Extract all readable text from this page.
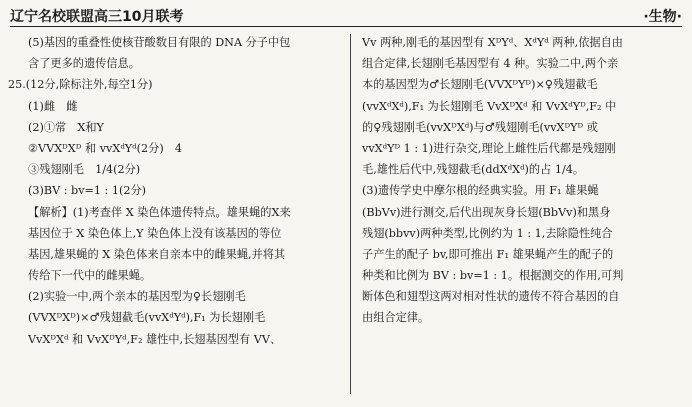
辽宁名校联盟高三10月联考	·生物·
(5)基因的重叠性使核苷酸数目有限的 DNA 分子中包
含了更多的遗传信息。
25.(12分,除标注外,每空1分)
(1)雌　雌
(2)①常　X和Y
②VVXᴰXᴰ 和 vvXᵈYᵈ(2分)　4
③残翅刚毛　1/4(2分)
(3)BV : bv=1 : 1(2分)
【解析】(1)考查伴 X 染色体遗传特点。雄果蝇的X来
基因位于 X 染色体上,Y 染色体上没有该基因的等位
基因,雄果蝇的 X 染色体来自亲本中的雌果蝇,并将其
传给下一代中的雌果蝇。
(2)实验一中,两个亲本的基因型为♀长翅刚毛
(VVXᴰXᴰ)×♂残翅截毛(vvXᵈYᵈ),F₁ 为长翅刚毛
VvXᴰXᵈ 和 VvXᴰYᵈ,F₂ 雄性中,长翅基因型有 VV、
Vv 两种,刚毛的基因型有 XᴰYᵈ、XᵈYᵈ 两种,依据自由
组合定律,长翅刚毛基因型有 4 种。实验二中,两个亲
本的基因型为♂长翅刚毛(VVXᴰYᴰ)×♀残翅截毛
(vvXᵈXᵈ),F₁ 为长翅刚毛 VvXᴰXᵈ 和 VvXᵈYᴰ,F₂ 中
的♀残翅刚毛(vvXᴰXᵈ)与♂残翅刚毛(vvXᴰYᴰ 或
vvXᵈYᴰ 1 : 1)进行杂交,理论上雌性后代都是残翅刚
毛,雄性后代中,残翅截毛(ddXᵈXᵈ)的占 1/4。
(3)遗传学史中摩尔根的经典实验。用 F₁ 雄果蝇
(BbVv)进行测交,后代出现灰身长翅(BbVv)和黑身
残翅(bbvv)两种类型,比例约为 1 : 1,去除隐性纯合
子产生的配子 bv,即可推出 F₁ 雄果蝇产生的配子的
种类和比例为 BV : bv=1 : 1。根据测交的作用,可判
断体色和翅型这两对相对性状的遗传不符合基因的自
由组合定律。
